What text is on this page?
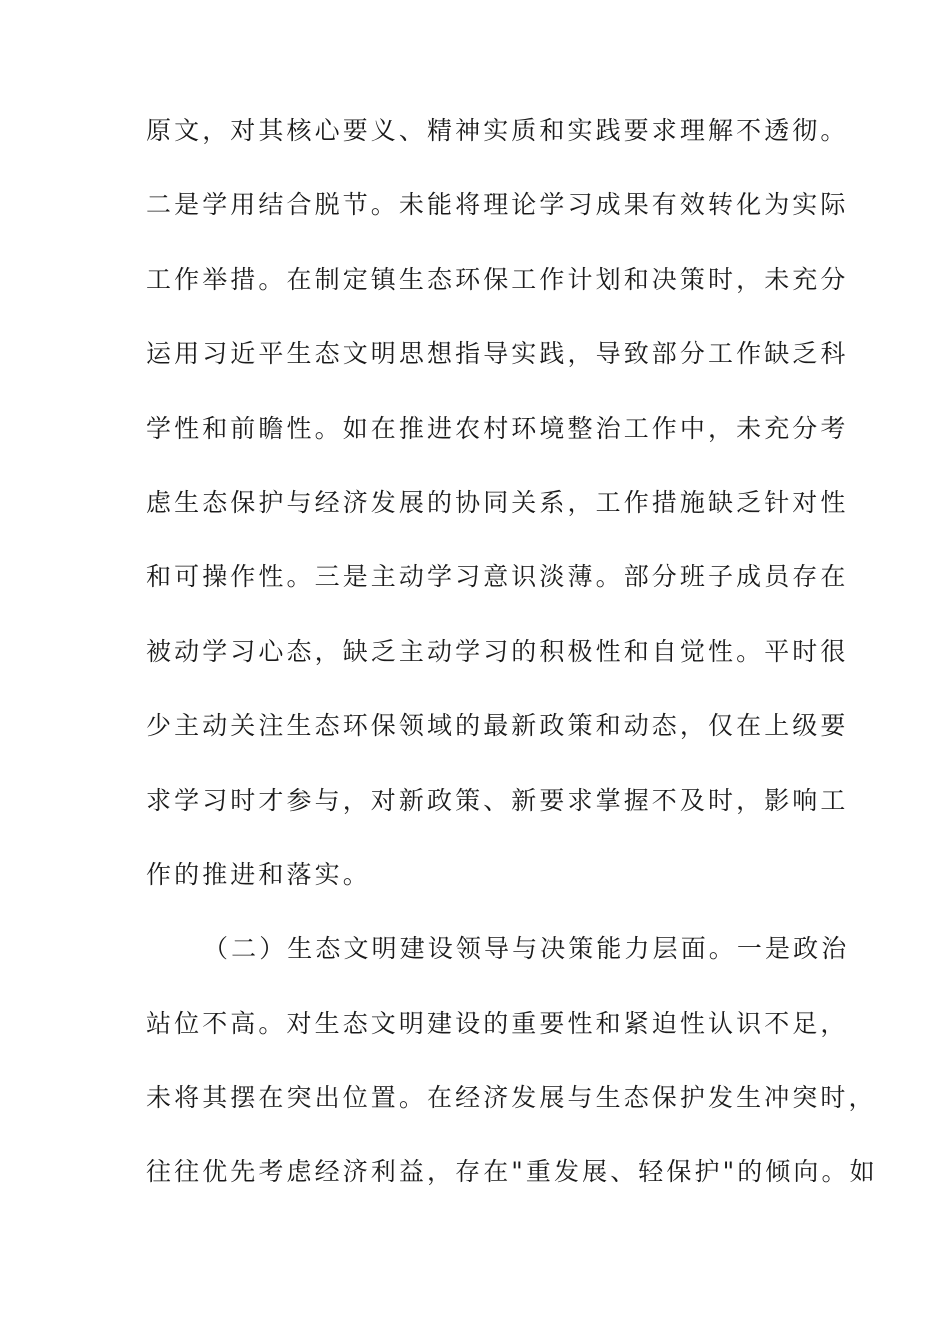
原文，对其核心要义、精神实质和实践要求理解不透彻。
二是学用结合脱节。未能将理论学习成果有效转化为实际
工作举措。在制定镇生态环保工作计划和决策时，未充分
运用习近平生态文明思想指导实践，导致部分工作缺乏科
学性和前瞻性。如在推进农村环境整治工作中，未充分考
虑生态保护与经济发展的协同关系，工作措施缺乏针对性
和可操作性。三是主动学习意识淡薄。部分班子成员存在
被动学习心态，缺乏主动学习的积极性和自觉性。平时很
少主动关注生态环保领域的最新政策和动态，仅在上级要
求学习时才参与，对新政策、新要求掌握不及时，影响工
作的推进和落实。
（二）生态文明建设领导与决策能力层面。一是政治
站位不高。对生态文明建设的重要性和紧迫性认识不足，
未将其摆在突出位置。在经济发展与生态保护发生冲突时，
往往优先考虑经济利益，存在"重发展、轻保护"的倾向。如
